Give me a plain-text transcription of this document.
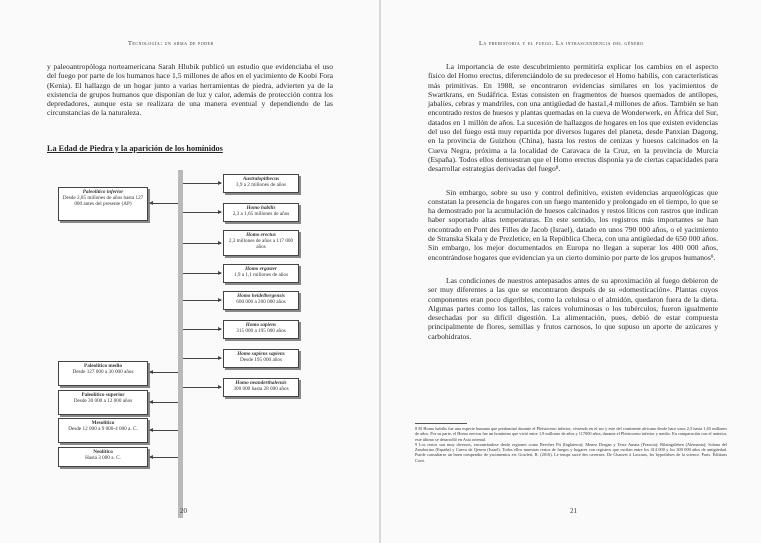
Tecnología: un arma de poder

y paleoantropóloga norteamericana Sarah Hlubik publicó un estudio que evidenciaba el uso del fuego por parte de los humanos hace 1,5 millones de años en el yacimiento de Koobi Fora (Kenia). El hallazgo de un hogar junto a varias herramientas de piedra, advierten ya de la existencia de grupos humanos que disponían de luz y calor, además de protección contra los depredadores, aunque esta se realizara de una manera eventual y dependiendo de las circunstancias de la naturaleza.

La Edad de Piedra y la aparición de los homínidos
Paleolítico inferior
Desde 2,85 millones de años hasta 127 000 antes del presente (AP)
Paleolítico medio
Desde 127 000 a 30 000 años
Paleolítico superior
Desde 30 000 a 12 000 años
Mesolítico
Desde 12 000 a 9 000-4 000 a. C.
Neolítico
Hasta 3 000 a. C.
Australopithecus
3,9 a 2 millones de años
Homo habilis
2,3 a 1,65 millones de años
Homo erectus
2,3 millones de años a 117 000 años
Homo ergaster
1,9 a 1,1 millones de años
Homo heidelbergensis
600 000 a 200 000 años
Homo sapiens
315 000 a 195 000 años
Homo sapiens sapiens
Desde 195 000 años
Homo neanderthalensis
300 000 hasta 28 000 años
20
La prehistoria y el fuego. La intrascendencia del género

La importancia de este descubrimiento permitiría explicar los cambios en el aspecto físico del Homo erectus, diferenciándolo de su predecesor el Homo habilis, con características más primitivas. En 1988, se encontraron evidencias similares en los yacimientos de Swartkrans, en Sudáfrica. Estas consisten en fragmentos de huesos quemados de antílopes, jabalíes, cebras y mandriles, con una antigüedad de hasta1,4 millones de años. También se han encontrado restos de huesos y plantas quemadas en la cueva de Wonderwerk, en África del Sur, datados en 1 millón de años. La sucesión de hallazgos de hogares en los que existen evidencias del uso del fuego está muy repartida por diversos lugares del planeta, desde Panxian Dagong, en la provincia de Guizhou (China), hasta los restos de cenizas y huesos calcinados en la Cueva Negra, próxima a la localidad de Caravaca de la Cruz, en la provincia de Murcia (España). Todos ellos demuestran que el Homo erectus disponía ya de ciertas capacidades para desarrollar estrategias derivadas del fuego⁸.

Sin embargo, sobre su uso y control definitivo, existen evidencias arqueológicas que constatan la presencia de hogares con un fuego mantenido y prolongado en el tiempo, lo que se ha demostrado por la acumulación de huesos calcinados y restos líticos con rastros que indican haber soportado altas temperaturas. En este sentido, los registros más importantes se han encontrado en Pont des Filles de Jacob (Israel), datado en unos 790 000 años, o el yacimiento de Stranska Skala y de Prezletice, en la República Checa, con una antigüedad de 650 000 años. Sin embargo, los mejor documentados en Europa no llegan a superar los 400 000 años, encontrándose hogares que evidencian ya un cierto dominio por parte de los grupos humanos⁹.

Las condiciones de nuestros antepasados antes de su aproximación al fuego debieron de ser muy diferentes a las que se encontraron después de su «domesticación». Plantas cuyos componentes eran poco digeribles, como la celulosa o el almidón, quedaron fuera de la dieta. Algunas partes como los tallos, las raíces voluminosas o los tubérculos, fueron igualmente desechadas por su difícil digestión. La alimentación, pues, debió de estar compuesta principalmente de flores, semillas y frutos carnosos, lo que supuso un aporte de azúcares y carbohidratos.

8 El Homo habilis fue una especie humana que predominó durante el Pleistoceno inferior, viviendo en el sur y este del continente africano desde hace unos 2,3 hasta 1,65 millones de años. Por su parte, el Homo erectus fue un homínino que vivió entre 1,9 millones de años y 117000 años, durante el Pleistoceno inferior y medio. En comparación con el anterior, este último se desarrolló en Asia oriental.

9 Los restos son muy diversos, encontrándose desde regiones como Beeches Pit (Inglaterra); Menez Dregan y Terra Amata (Francia); Bilzingsleben (Alemania); Solana del Zamborino (España) y Cueva de Qesem (Israel). Todos ellos muestras restos de fuegos y hogares con registros que oscilan entre los 414 000 y los 300 000 años de antigüedad. Puede consultarse un buen compendio de yacimientos en: Gowlett, R. (2016). Le temps sacré des cavernes. De Chauvet à Lascaux, les hypothèses de la science. París. Éditions Corti.

21
